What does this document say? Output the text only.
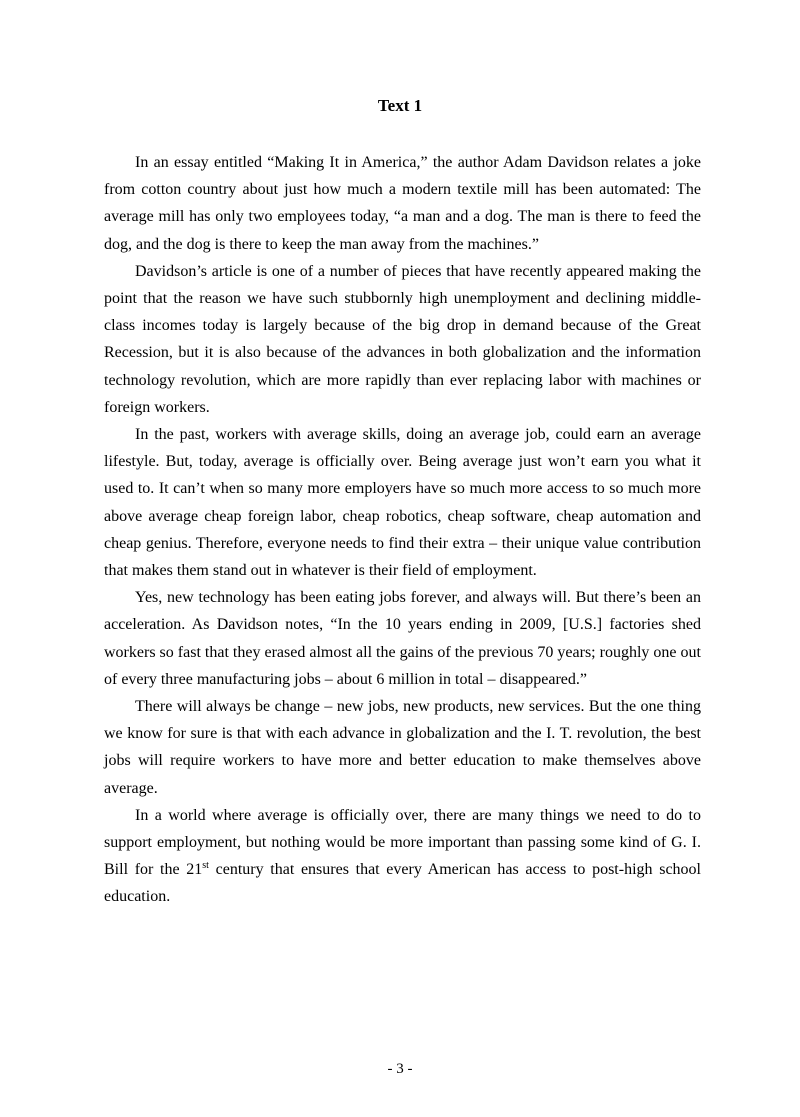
Text 1

In an essay entitled “Making It in America,” the author Adam Davidson relates a joke from cotton country about just how much a modern textile mill has been automated: The average mill has only two employees today, “a man and a dog. The man is there to feed the dog, and the dog is there to keep the man away from the machines.”

Davidson’s article is one of a number of pieces that have recently appeared making the point that the reason we have such stubbornly high unemployment and declining middle-class incomes today is largely because of the big drop in demand because of the Great Recession, but it is also because of the advances in both globalization and the information technology revolution, which are more rapidly than ever replacing labor with machines or foreign workers.

In the past, workers with average skills, doing an average job, could earn an average lifestyle. But, today, average is officially over. Being average just won’t earn you what it used to. It can’t when so many more employers have so much more access to so much more above average cheap foreign labor, cheap robotics, cheap software, cheap automation and cheap genius. Therefore, everyone needs to find their extra – their unique value contribution that makes them stand out in whatever is their field of employment.

Yes, new technology has been eating jobs forever, and always will. But there’s been an acceleration. As Davidson notes, “In the 10 years ending in 2009, [U.S.] factories shed workers so fast that they erased almost all the gains of the previous 70 years; roughly one out of every three manufacturing jobs – about 6 million in total – disappeared.”

There will always be change – new jobs, new products, new services. But the one thing we know for sure is that with each advance in globalization and the I. T. revolution, the best jobs will require workers to have more and better education to make themselves above average.

In a world where average is officially over, there are many things we need to do to support employment, but nothing would be more important than passing some kind of G. I. Bill for the 21st century that ensures that every American has access to post-high school education.

- 3 -
